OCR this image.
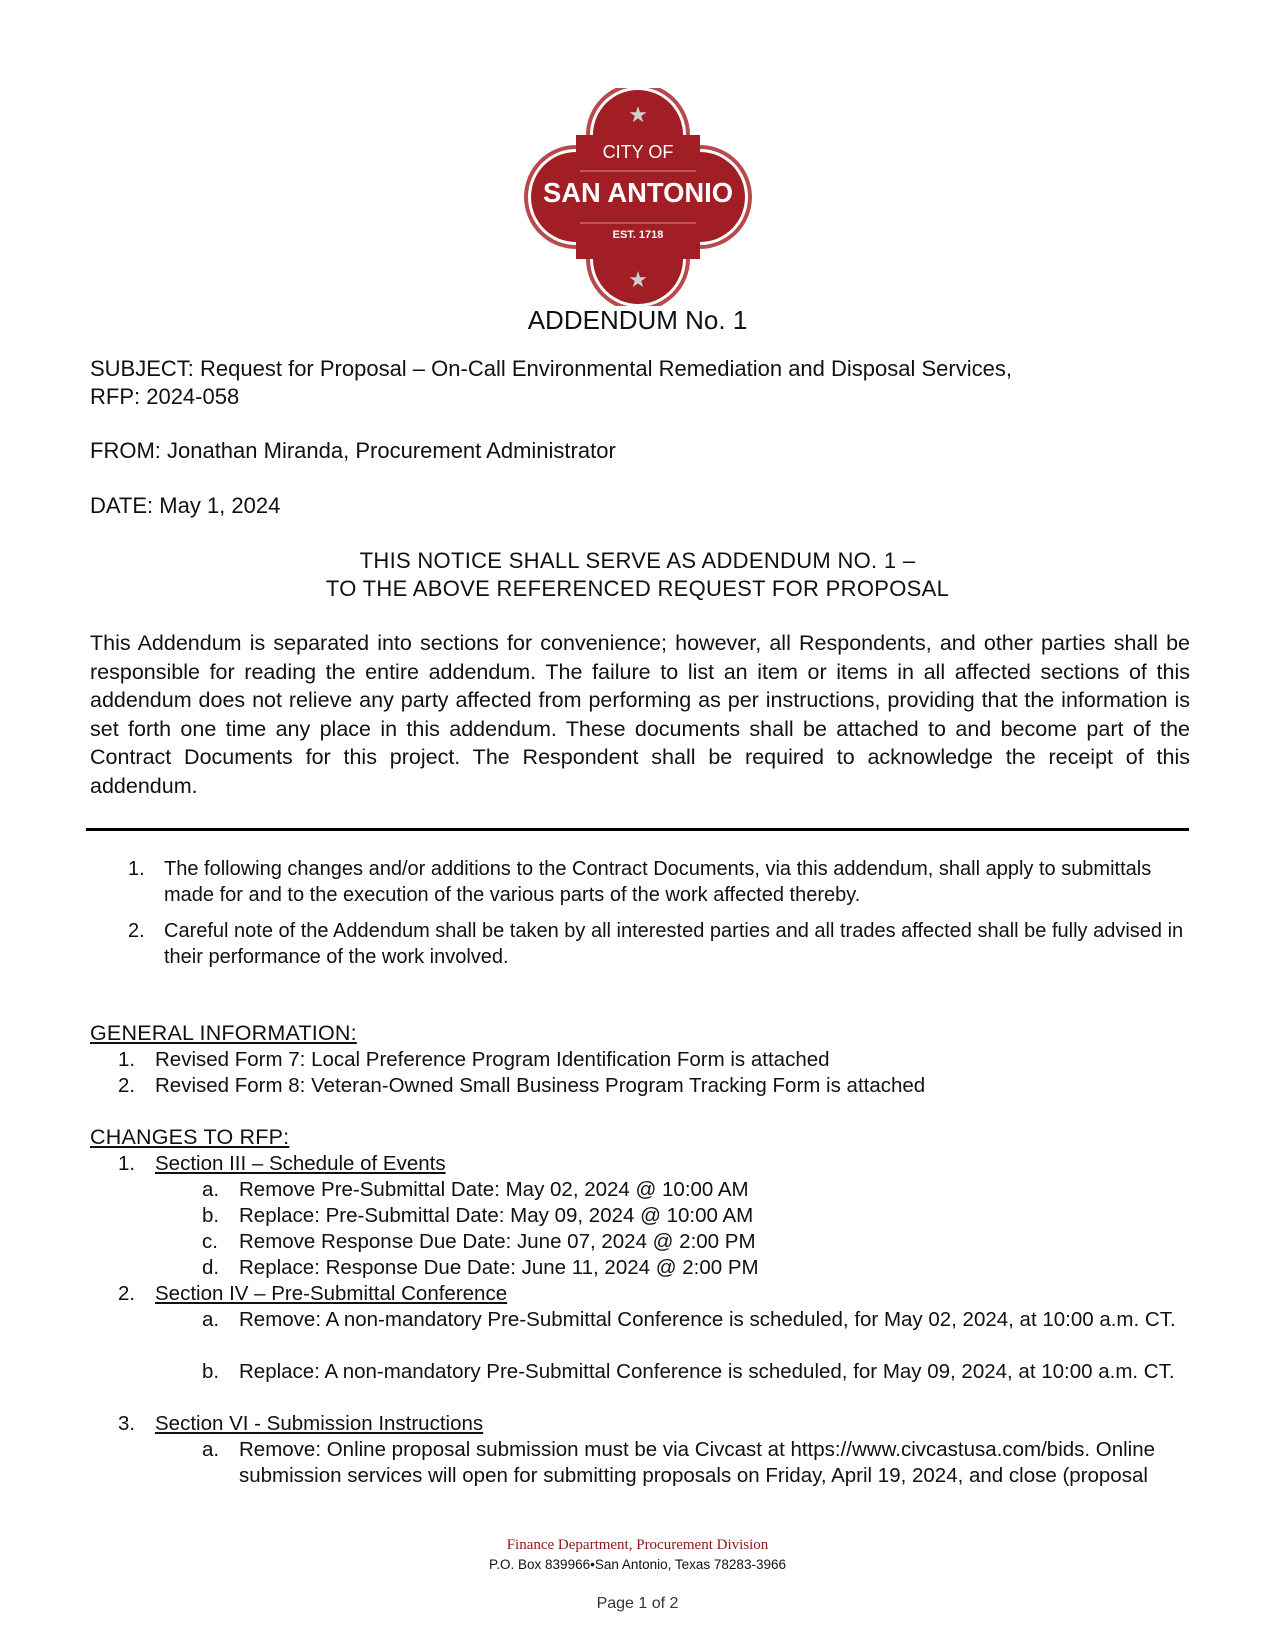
★
★
CITY OF
SAN ANTONIO
EST. 1718
ADDENDUM No. 1
SUBJECT: Request for Proposal – On-Call Environmental Remediation and Disposal Services,
RFP: 2024-058
FROM: Jonathan Miranda, Procurement Administrator
DATE: May 1, 2024
THIS NOTICE SHALL SERVE AS ADDENDUM NO. 1 –
TO THE ABOVE REFERENCED REQUEST FOR PROPOSAL
This Addendum is separated into sections for convenience; however, all Respondents, and other parties shall be responsible for reading the entire addendum. The failure to list an item or items in all affected sections of this addendum does not relieve any party affected from performing as per instructions, providing that the information is set forth one time any place in this addendum. These documents shall be attached to and become part of the Contract Documents for this project. The Respondent shall be required to acknowledge the receipt of this addendum.
1. The following changes and/or additions to the Contract Documents, via this addendum, shall apply to submittals made for and to the execution of the various parts of the work affected thereby.
2. Careful note of the Addendum shall be taken by all interested parties and all trades affected shall be fully advised in their performance of the work involved.
GENERAL INFORMATION:
1. Revised Form 7: Local Preference Program Identification Form is attached
2. Revised Form 8: Veteran-Owned Small Business Program Tracking Form is attached
CHANGES TO RFP:
1. Section III – Schedule of Events
a. Remove Pre-Submittal Date: May 02, 2024 @ 10:00 AM
b. Replace: Pre-Submittal Date: May 09, 2024 @ 10:00 AM
c. Remove Response Due Date: June 07, 2024 @ 2:00 PM
d. Replace: Response Due Date: June 11, 2024 @ 2:00 PM
2. Section IV – Pre-Submittal Conference
a. Remove: A non-mandatory Pre-Submittal Conference is scheduled, for May 02, 2024, at 10:00 a.m. CT.
b. Replace: A non-mandatory Pre-Submittal Conference is scheduled, for May 09, 2024, at 10:00 a.m. CT.
3. Section VI - Submission Instructions
a. Remove: Online proposal submission must be via Civcast at https://www.civcastusa.com/bids. Online submission services will open for submitting proposals on Friday, April 19, 2024, and close (proposal
Finance Department, Procurement Division
P.O. Box 839966•San Antonio, Texas 78283-3966
Page 1 of 2
